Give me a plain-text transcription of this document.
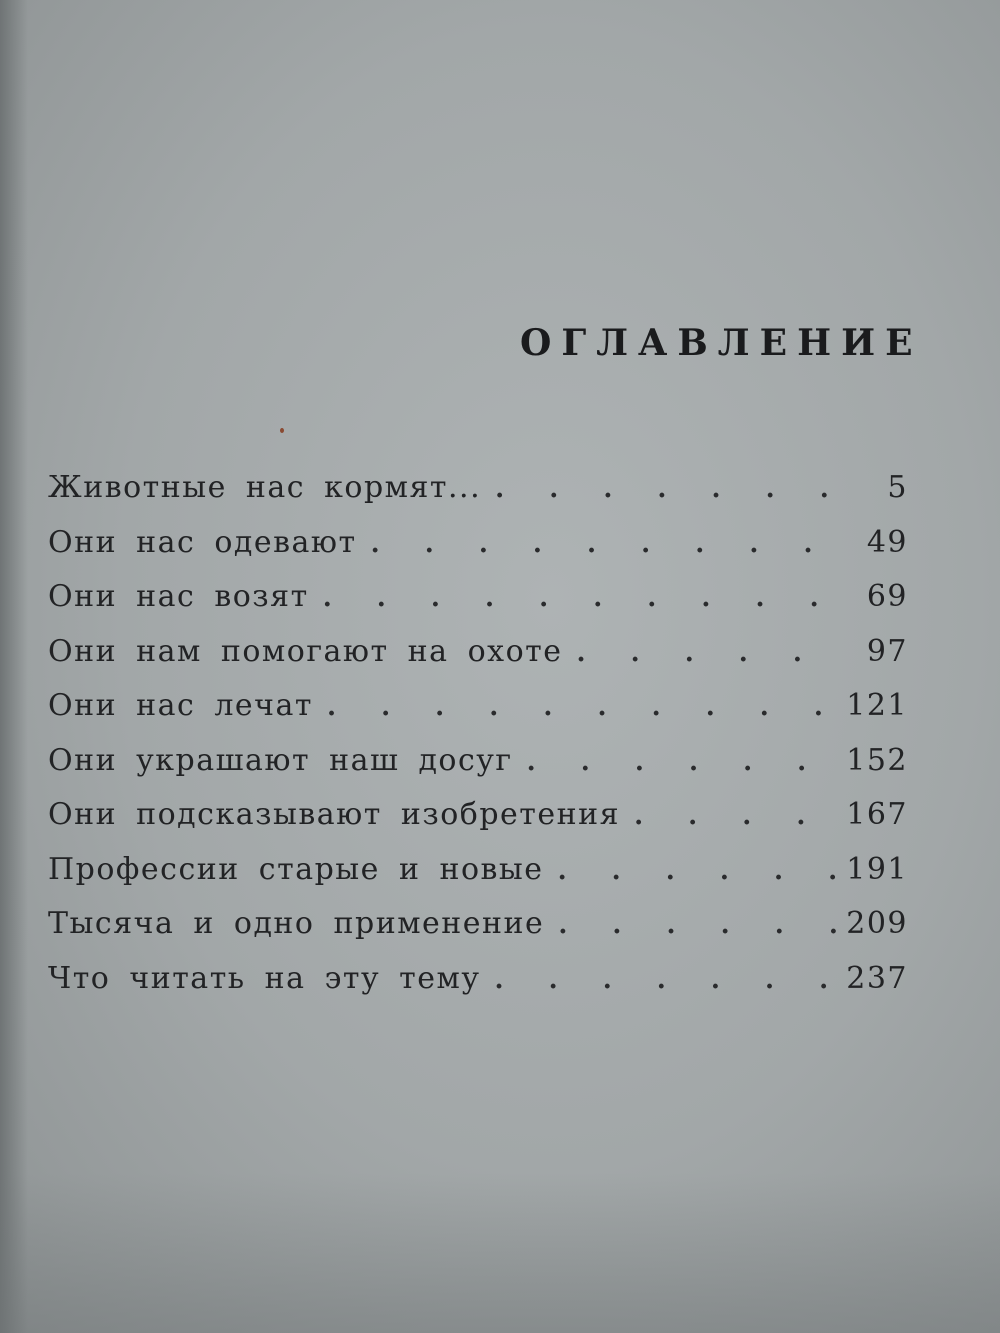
ОГЛАВЛЕНИЕ
Животные нас кормят... . . .	5
Они нас одевают . . .	49
Они нас возят . . .	69
Они нам помогают на охоте . . .	97
Они нас лечат . . .	121
Они украшают наш досуг . . .	152
Они подсказывают изобретения . . .	167
Профессии старые и новые . . .	191
Тысяча и одно применение . . .	209
Что читать на эту тему . . .	237
